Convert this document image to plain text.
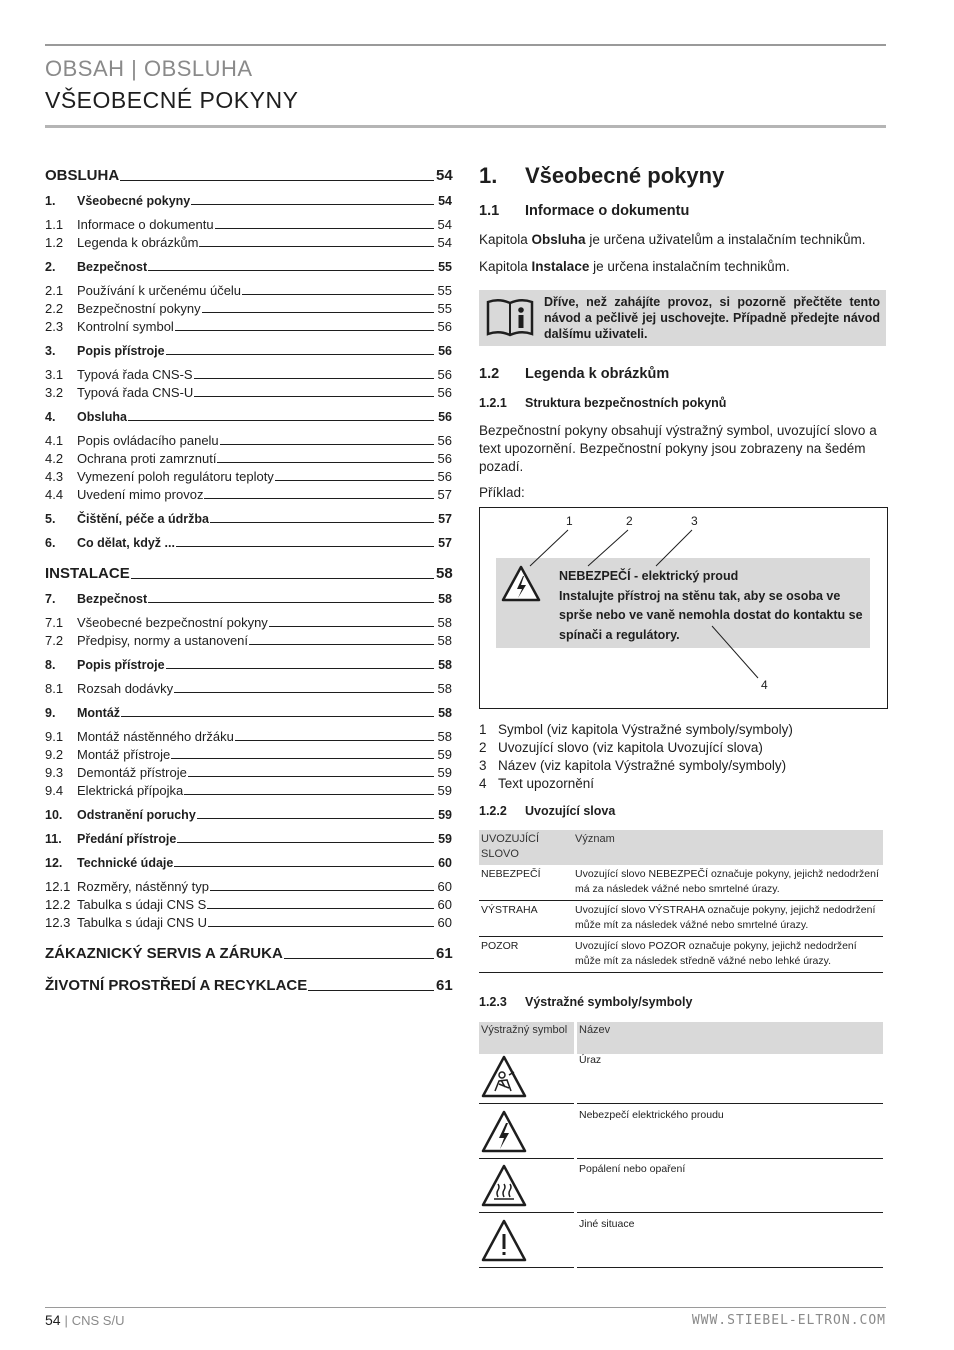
OBSAH | OBSLUHA
VŠEOBECNÉ POKYNY
OBSLUHA	54
1.	Všeobecné pokyny	54
1.1	Informace o dokumentu	54
1.2	Legenda k obrázkům	54
2.	Bezpečnost	55
2.1	Používání k určenému účelu	55
2.2	Bezpečnostní pokyny	55
2.3	Kontrolní symbol	56
3.	Popis přístroje	56
3.1	Typová řada CNS-S	56
3.2	Typová řada CNS-U	56
4.	Obsluha	56
4.1	Popis ovládacího panelu	56
4.2	Ochrana proti zamrznutí	56
4.3	Vymezení poloh regulátoru teploty	56
4.4	Uvedení mimo provoz	57
5.	Čištění, péče a údržba	57
6.	Co dělat, když ...	57
INSTALACE	58
7.	Bezpečnost	58
7.1	Všeobecné bezpečnostní pokyny	58
7.2	Předpisy, normy a ustanovení	58
8.	Popis přístroje	58
8.1	Rozsah dodávky	58
9.	Montáž	58
9.1	Montáž nástěnného držáku	58
9.2	Montáž přístroje	59
9.3	Demontáž přístroje	59
9.4	Elektrická přípojka	59
10.	Odstranění poruchy	59
11.	Předání přístroje	59
12.	Technické údaje	60
12.1 Rozměry, nástěnný typ	60
12.2 Tabulka s údaji CNS S	60
12.3 Tabulka s údaji CNS U	60
ZÁKAZNICKÝ SERVIS A ZÁRUKA	61
ŽIVOTNÍ PROSTŘEDÍ A RECYKLACE	61
1. Všeobecné pokyny
1.1 Informace o dokumentu
Kapitola Obsluha je určena uživatelům a instalačním technikům.
Kapitola Instalace je určena instalačním technikům.
Dříve, než zahájíte provoz, si pozorně přečtěte tento návod a pečlivě jej uschovejte. Případně předejte návod dalšímu uživateli.
1.2 Legenda k obrázkům
1.2.1 Struktura bezpečnostních pokynů
Bezpečnostní pokyny obsahují výstražný symbol, uvozující slovo a text upozornění. Bezpečnostní pokyny jsou zobrazeny na šedém pozadí.
Příklad:
1	2	3
4
NEBEZPEČÍ - elektrický proud
Instalujte přístroj na stěnu tak, aby se osoba ve sprše nebo ve vaně nemohla dostat do kontaktu se spínači a regulátory.
1 Symbol (viz kapitola Výstražné symboly/symboly)
2 Uvozující slovo (viz kapitola Uvozující slova)
3 Název (viz kapitola Výstražné symboly/symboly)
4 Text upozornění
1.2.2 Uvozující slova
UVOZUJÍCÍ SLOVO	Význam
NEBEZPEČÍ	Uvozující slovo NEBEZPEČÍ označuje pokyny, jejichž nedodržení má za následek vážné nebo smrtelné úrazy.
VÝSTRAHA	Uvozující slovo VÝSTRAHA označuje pokyny, jejichž nedodržení může mít za následek vážné nebo smrtelné úrazy.
POZOR	Uvozující slovo POZOR označuje pokyny, jejichž nedodržení může mít za následek středně vážné nebo lehké úrazy.
1.2.3 Výstražné symboly/symboly
Výstražný symbol	Název
Úraz
Nebezpečí elektrického proudu
Popálení nebo opaření
Jiné situace
54 | CNS S/U	WWW.STIEBEL-ELTRON.COM
